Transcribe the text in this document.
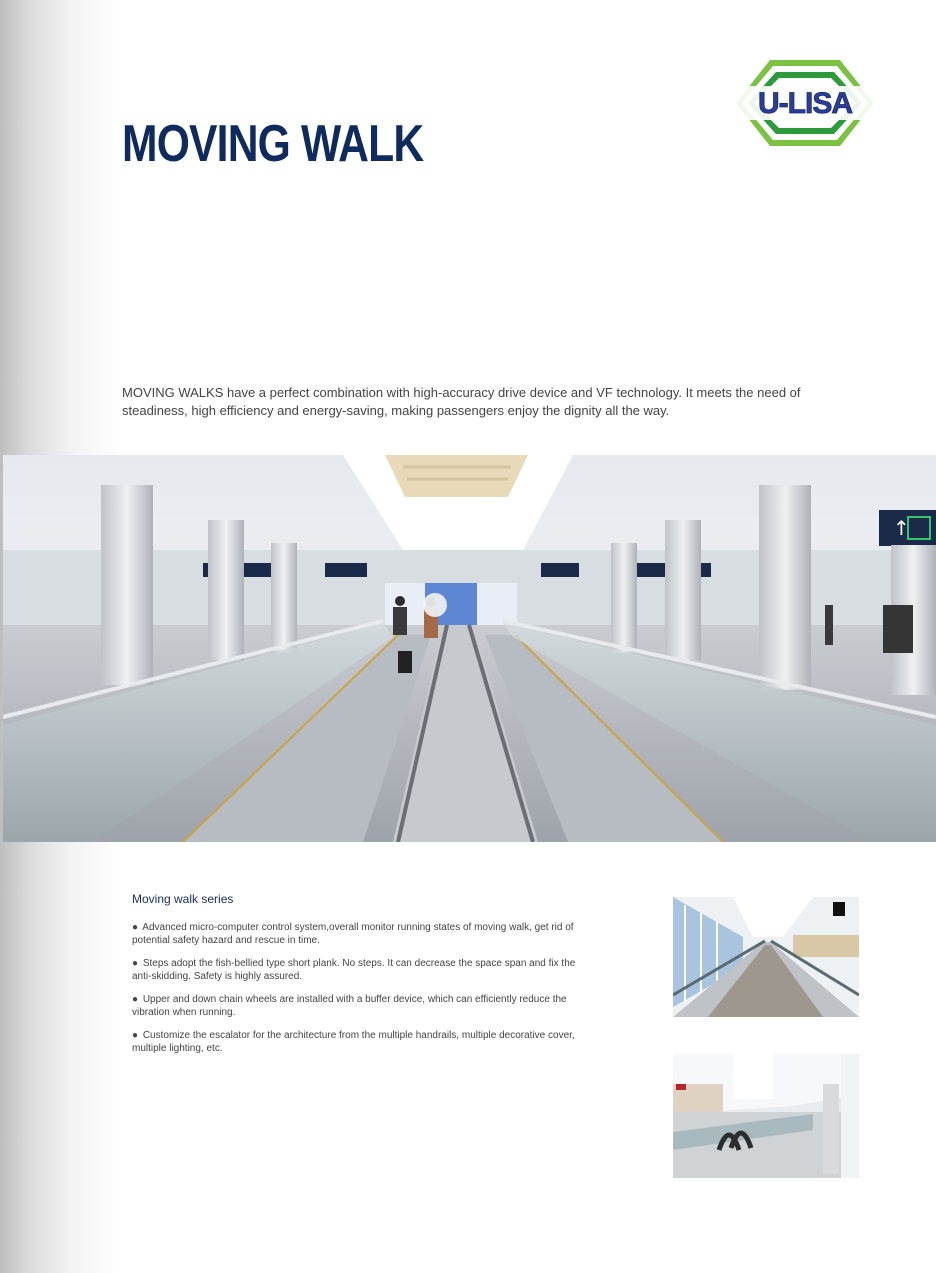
MOVING WALK
U-LISA

MOVING WALKS have a perfect combination with high-accuracy drive device and VF technology. It meets the need of steadiness, high efficiency and energy-saving, making passengers enjoy the dignity all the way.

↑
Moving walk series

● Advanced micro-computer control system,overall monitor running states of moving walk, get rid of potential safety hazard and rescue in time.

● Steps adopt the fish-bellied type short plank. No steps. It can decrease the space span and fix the anti-skidding. Safety is highly assured.

● Upper and down chain wheels are installed with a buffer device, which can efficiently reduce the vibration when running.

● Customize the escalator for the architecture from the multiple handrails, multiple decorative cover, multiple lighting, etc.
